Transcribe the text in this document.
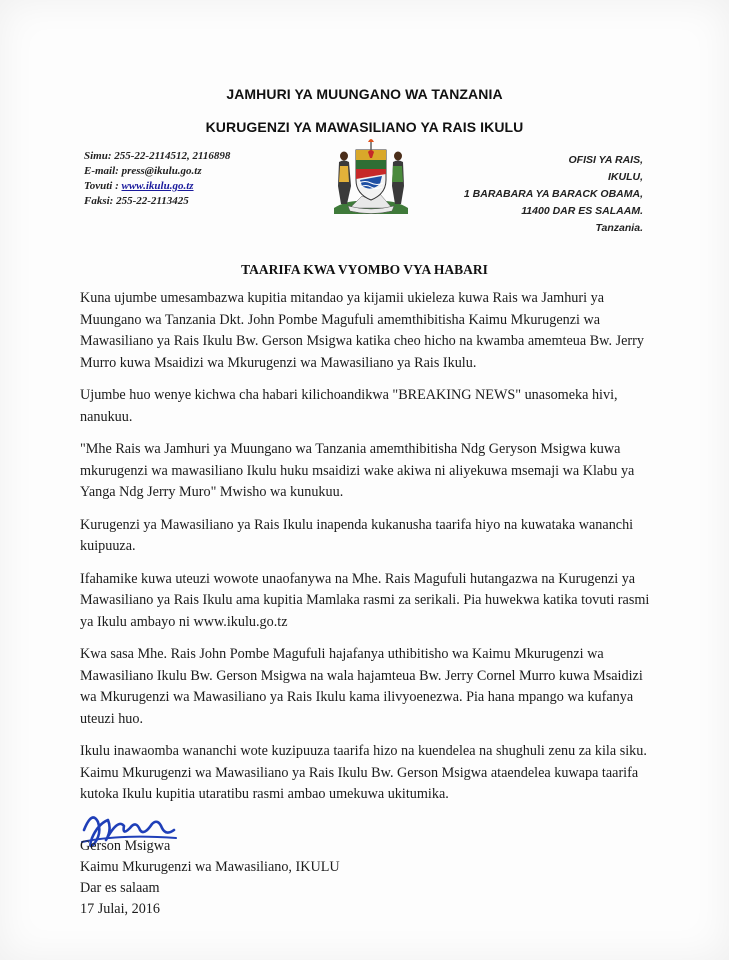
JAMHURI YA MUUNGANO WA TANZANIA
KURUGENZI YA MAWASILIANO YA RAIS IKULU
Simu: 255-22-2114512, 2116898
E-mail: press@ikulu.go.tz
Tovuti : www.ikulu.go.tz
Faksi: 255-22-2113425
OFISI YA RAIS,
IKULU,
1 BARABARA YA BARACK OBAMA,
11400 DAR ES SALAAM.
Tanzania.
TAARIFA KWA VYOMBO VYA HABARI

Kuna ujumbe umesambazwa kupitia mitandao ya kijamii ukieleza kuwa Rais wa Jamhuri ya Muungano wa Tanzania Dkt. John Pombe Magufuli amemthibitisha Kaimu Mkurugenzi wa Mawasiliano ya Rais Ikulu Bw. Gerson Msigwa katika cheo hicho na kwamba amemteua Bw. Jerry Murro kuwa Msaidizi wa Mkurugenzi wa Mawasiliano ya Rais Ikulu.

Ujumbe huo wenye kichwa cha habari kilichoandikwa "BREAKING NEWS" unasomeka hivi, nanukuu.

"Mhe Rais wa Jamhuri ya Muungano wa Tanzania amemthibitisha Ndg Geryson Msigwa kuwa mkurugenzi wa mawasiliano Ikulu huku msaidizi wake akiwa ni aliyekuwa msemaji wa Klabu ya Yanga Ndg Jerry Muro" Mwisho wa kunukuu.

Kurugenzi ya Mawasiliano ya Rais Ikulu inapenda kukanusha taarifa hiyo na kuwataka wananchi kuipuuza.

Ifahamike kuwa uteuzi wowote unaofanywa na Mhe. Rais Magufuli hutangazwa na Kurugenzi ya Mawasiliano ya Rais Ikulu ama kupitia Mamlaka rasmi za serikali. Pia huwekwa katika tovuti rasmi ya Ikulu ambayo ni www.ikulu.go.tz

Kwa sasa Mhe. Rais John Pombe Magufuli hajafanya uthibitisho wa Kaimu Mkurugenzi wa Mawasiliano Ikulu Bw. Gerson Msigwa na wala hajamteua Bw. Jerry Cornel Murro kuwa Msaidizi wa Mkurugenzi wa Mawasiliano ya Rais Ikulu kama ilivyoenezwa. Pia hana mpango wa kufanya uteuzi huo.

Ikulu inawaomba wananchi wote kuzipuuza taarifa hizo na kuendelea na shughuli zenu za kila siku. Kaimu Mkurugenzi wa Mawasiliano ya Rais Ikulu Bw. Gerson Msigwa ataendelea kuwapa taarifa kutoka Ikulu kupitia utaratibu rasmi ambao umekuwa ukitumika.

Gerson Msigwa
Kaimu Mkurugenzi wa Mawasiliano, IKULU
Dar es salaam
17 Julai, 2016
